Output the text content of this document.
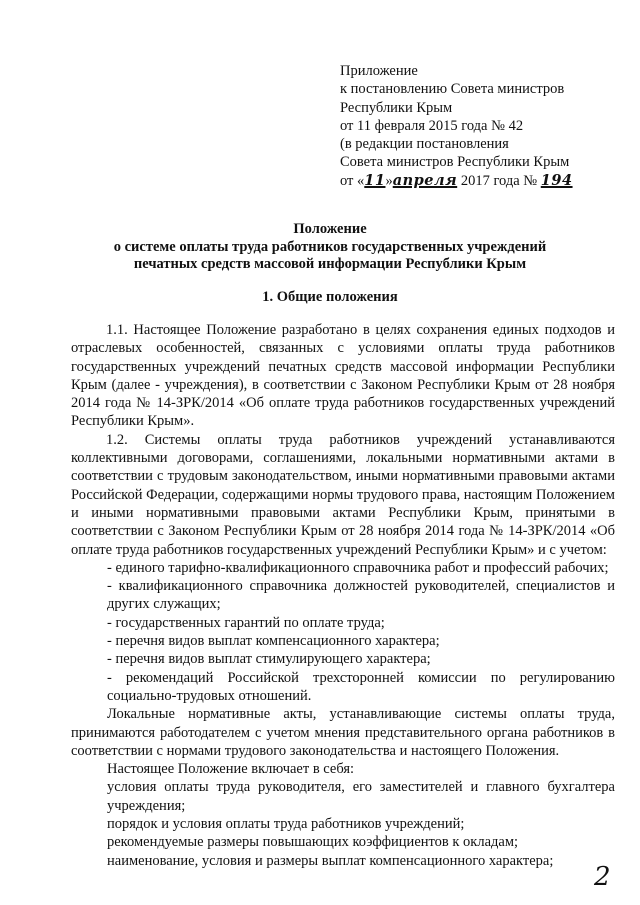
Приложение
к постановлению Совета министров
Республики Крым
от 11 февраля 2015 года № 42
(в редакции постановления
Совета министров Республики Крым
от «11»апреля 2017 года № 194
Положение
о системе оплаты труда работников государственных учреждений
печатных средств массовой информации Республики Крым
1. Общие положения
1.1. Настоящее Положение разработано в целях сохранения единых подходов и отраслевых особенностей, связанных с условиями оплаты труда работников государственных учреждений печатных средств массовой информации Республики Крым (далее - учреждения), в соответствии с Законом Республики Крым от 28 ноября 2014 года № 14-ЗРК/2014 «Об оплате труда работников государственных учреждений Республики Крым».
1.2. Системы оплаты труда работников учреждений устанавливаются коллективными договорами, соглашениями, локальными нормативными актами в соответствии с трудовым законодательством, иными нормативными правовыми актами Российской Федерации, содержащими нормы трудового права, настоящим Положением и иными нормативными правовыми актами Республики Крым, принятыми в соответствии с Законом Республики Крым от 28 ноября 2014 года № 14-ЗРК/2014 «Об оплате труда работников государственных учреждений Республики Крым» и с учетом:
- единого тарифно-квалификационного справочника работ и профессий рабочих;
- квалификационного справочника должностей руководителей, специалистов и других служащих;
- государственных гарантий по оплате труда;
- перечня видов выплат компенсационного характера;
- перечня видов выплат стимулирующего характера;
- рекомендаций Российской трехсторонней комиссии по регулированию социально-трудовых отношений.
Локальные нормативные акты, устанавливающие системы оплаты труда, принимаются работодателем с учетом мнения представительного органа работников в соответствии с нормами трудового законодательства и настоящего Положения.
Настоящее Положение включает в себя:
условия оплаты труда руководителя, его заместителей и главного бухгалтера учреждения;
порядок и условия оплаты труда работников учреждений;
рекомендуемые размеры повышающих коэффициентов к окладам;
наименование, условия и размеры выплат компенсационного характера;
2
